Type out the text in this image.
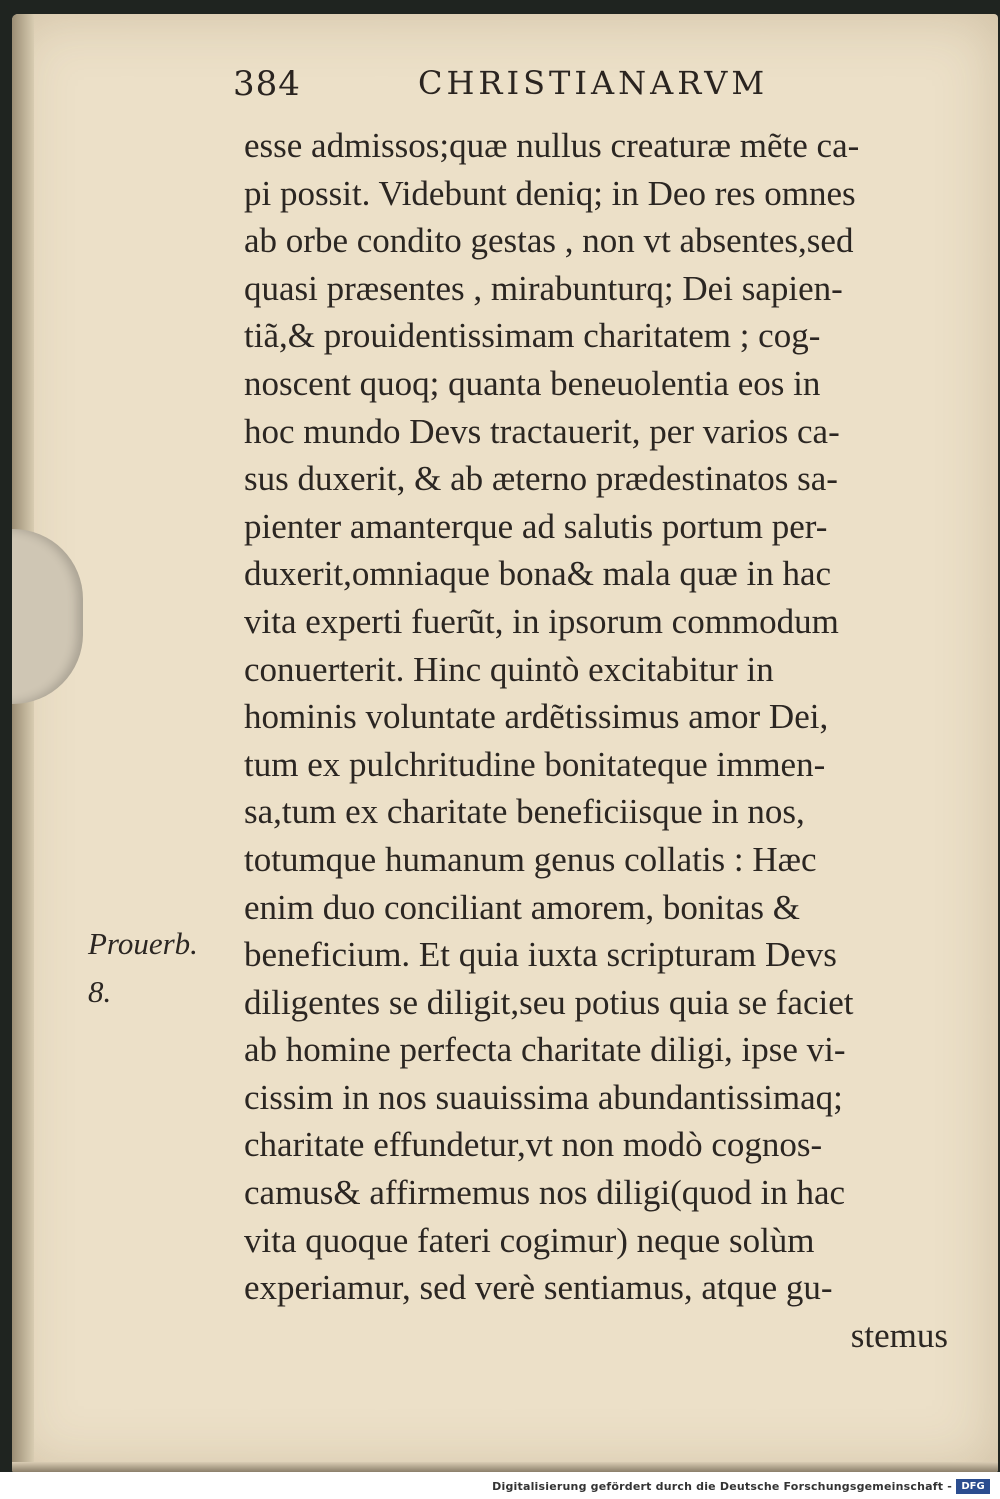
384	CHRISTIANARVM
Prouerb.
8.
esse admissos;quæ nullus creaturæ mẽte ca-
pi possit. Videbunt deniq; in Deo res omnes
ab orbe condito gestas , non vt absentes,sed
quasi præsentes , mirabunturq; Dei sapien-
tiã,& prouidentissimam charitatem ; cog-
noscent quoq; quanta beneuolentia eos in
hoc mundo Devs tractauerit, per varios ca-
sus duxerit, & ab æterno prædestinatos sa-
pienter amanterque ad salutis portum per-
duxerit,omniaque bona& mala quæ in hac
vita experti fuerũt, in ipsorum commodum
conuerterit. Hinc quintò excitabitur in
hominis voluntate ardẽtissimus amor Dei,
tum ex pulchritudine bonitateque immen-
sa,tum ex charitate beneficiisque in nos,
totumque humanum genus collatis : Hæc
enim duo conciliant amorem, bonitas &
beneficium. Et quia iuxta scripturam Devs
diligentes se diligit,seu potius quia se faciet
ab homine perfecta charitate diligi, ipse vi-
cissim in nos suauissima abundantissimaq;
charitate effundetur,vt non modò cognos-
camus& affirmemus nos diligi(quod in hac
vita quoque fateri cogimur) neque solùm
experiamur, sed verè sentiamus, atque gu-
stemus
Digitalisierung gefördert durch die Deutsche Forschungsgemeinschaft - DFG
